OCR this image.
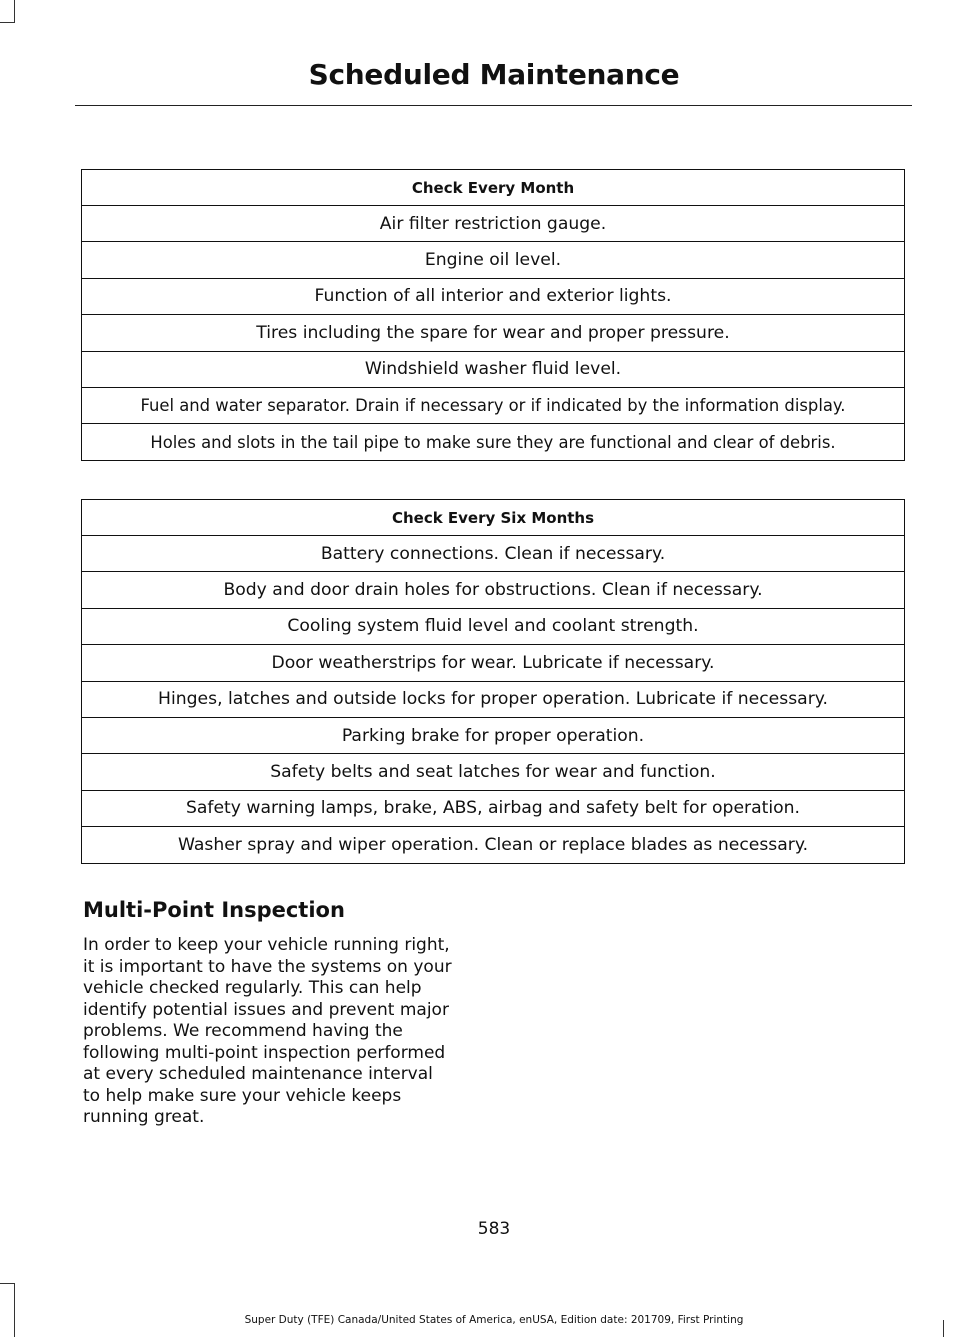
Scheduled Maintenance
Check Every Month
Air filter restriction gauge.
Engine oil level.
Function of all interior and exterior lights.
Tires including the spare for wear and proper pressure.
Windshield washer fluid level.
Fuel and water separator. Drain if necessary or if indicated by the information display.
Holes and slots in the tail pipe to make sure they are functional and clear of debris.
Check Every Six Months
Battery connections. Clean if necessary.
Body and door drain holes for obstructions. Clean if necessary.
Cooling system fluid level and coolant strength.
Door weatherstrips for wear. Lubricate if necessary.
Hinges, latches and outside locks for proper operation. Lubricate if necessary.
Parking brake for proper operation.
Safety belts and seat latches for wear and function.
Safety warning lamps, brake, ABS, airbag and safety belt for operation.
Washer spray and wiper operation. Clean or replace blades as necessary.
Multi-Point Inspection
In order to keep your vehicle running right,
it is important to have the systems on your
vehicle checked regularly. This can help
identify potential issues and prevent major
problems. We recommend having the
following multi-point inspection performed
at every scheduled maintenance interval
to help make sure your vehicle keeps
running great.
583
Super Duty (TFE) Canada/United States of America, enUSA, Edition date: 201709, First Printing
